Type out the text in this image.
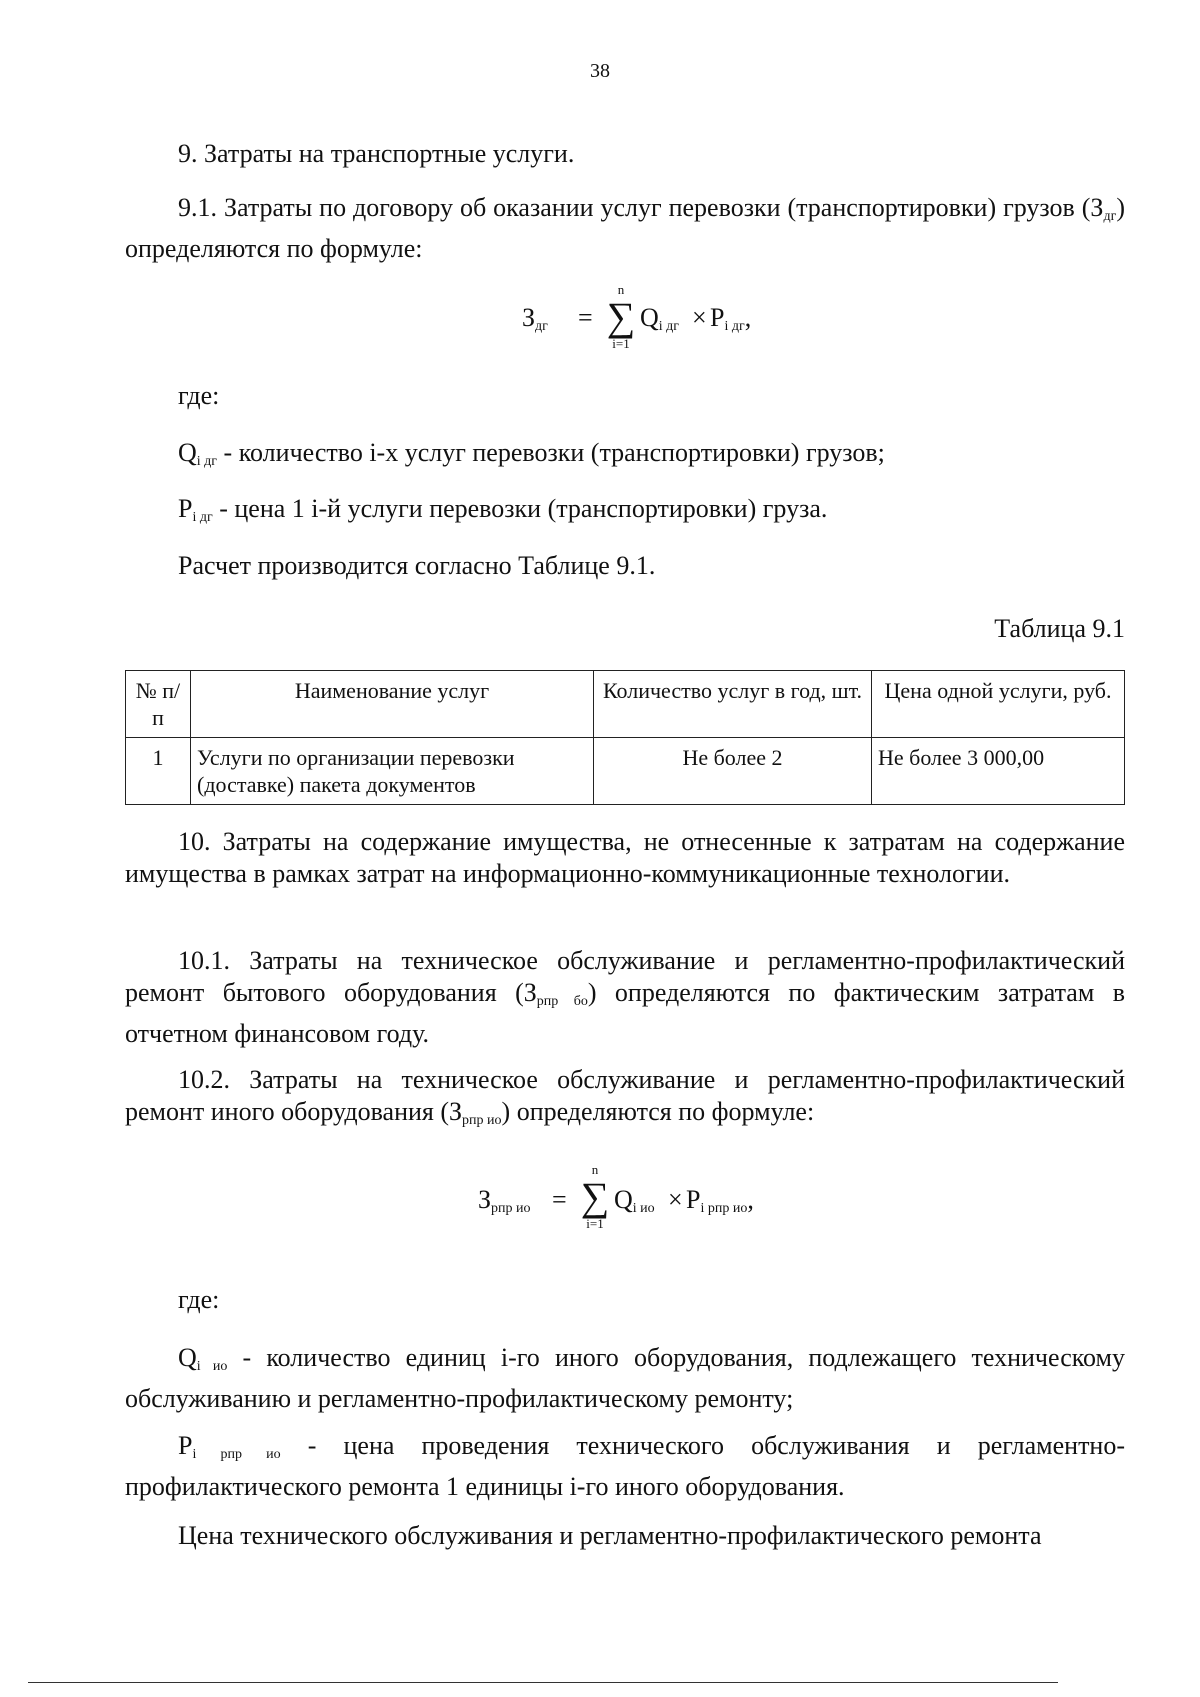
38
9. Затраты на транспортные услуги.
9.1. Затраты по договору об оказании услуг перевозки (транспортировки) грузов $(З_{дг})$ определяются по формуле:
$З_{дг}$ =
n
∑
i=1
$Q_{i дг} \times P_{i дг}$,
где:
$Q_{i дг}$ - количество i-х услуг перевозки (транспортировки) грузов;
$P_{i дг}$ - цена 1 i-й услуги перевозки (транспортировки) груза.
Расчет производится согласно Таблице 9.1.
Таблица 9.1
№ п/п	Наименование услуг	Количество услуг в год, шт.	Цена одной услуги, руб.
1	Услуги по организации перевозки (доставке) пакета документов	Не более 2	Не более 3 000,00
10. Затраты на содержание имущества, не отнесенные к затратам на содержание имущества в рамках затрат на информационно-коммуникационные технологии.
10.1. Затраты на техническое обслуживание и регламентно-профилактический ремонт бытового оборудования $(З_{рпр бо})$ определяются по фактическим затратам в отчетном финансовом году.
10.2. Затраты на техническое обслуживание и регламентно-профилактический ремонт иного оборудования $(З_{рпр ио})$ определяются по формуле:
$З_{рпр ио}$ =
n
∑
i=1
$Q_{i ио} \times P_{i рпр ио}$,
где:
$Q_{i ио}$ - количество единиц i-го иного оборудования, подлежащего техническому обслуживанию и регламентно-профилактическому ремонту;
$P_{i рпр ио}$ - цена проведения технического обслуживания и регламентно-профилактического ремонта 1 единицы i-го иного оборудования.
Цена технического обслуживания и регламентно-профилактического ремонта
